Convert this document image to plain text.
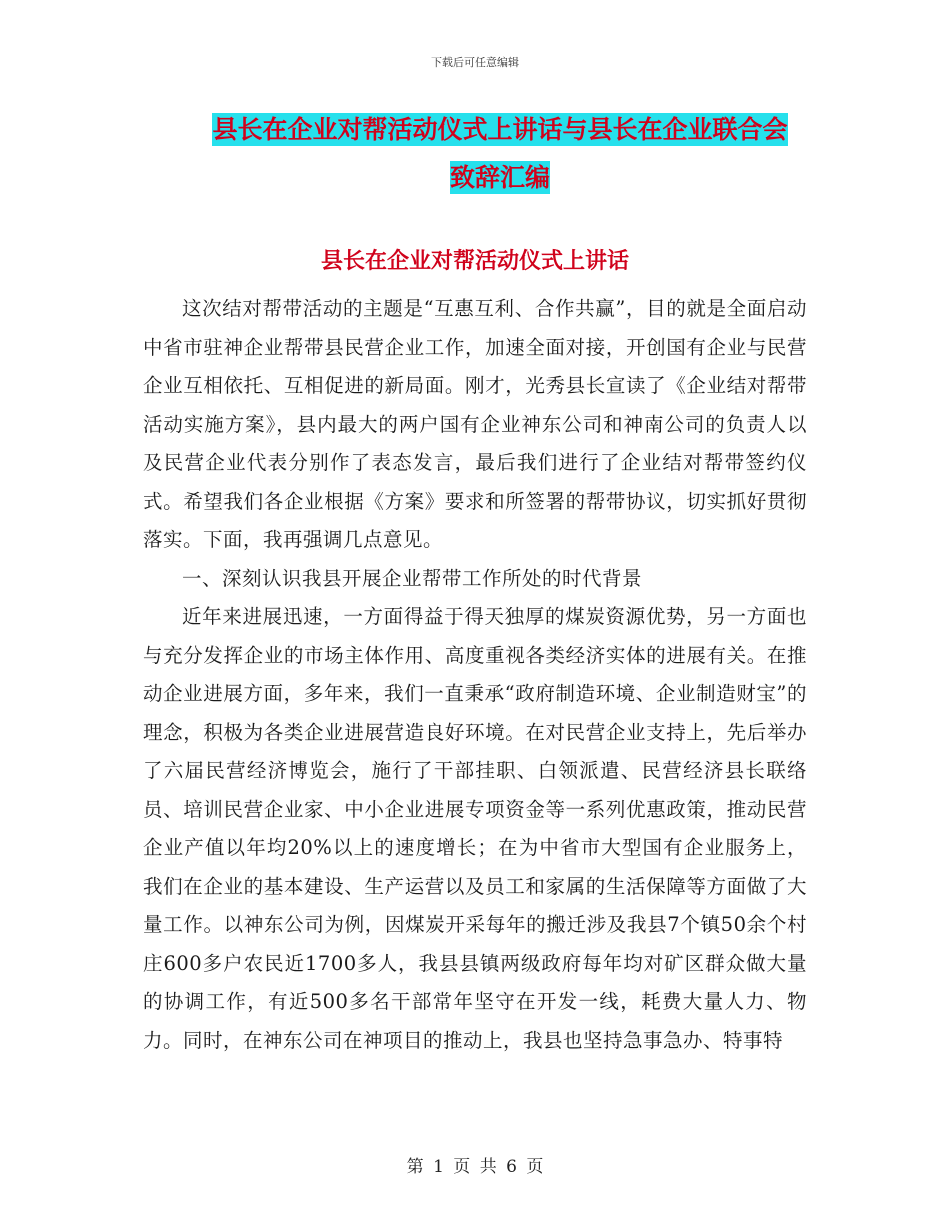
下载后可任意编辑
县长在企业对帮活动仪式上讲话与县长在企业联合会
致辞汇编
县长在企业对帮活动仪式上讲话

这次结对帮带活动的主题是“互惠互利、合作共赢”，目的就是全面启动中省市驻神企业帮带县民营企业工作，加速全面对接，开创国有企业与民营企业互相依托、互相促进的新局面。刚才，光秀县长宣读了《企业结对帮带活动实施方案》，县内最大的两户国有企业神东公司和神南公司的负责人以及民营企业代表分别作了表态发言，最后我们进行了企业结对帮带签约仪式。希望我们各企业根据《方案》要求和所签署的帮带协议，切实抓好贯彻落实。下面，我再强调几点意见。

一、深刻认识我县开展企业帮带工作所处的时代背景

近年来进展迅速，一方面得益于得天独厚的煤炭资源优势，另一方面也与充分发挥企业的市场主体作用、高度重视各类经济实体的进展有关。在推动企业进展方面，多年来，我们一直秉承“政府制造环境、企业制造财宝”的理念，积极为各类企业进展营造良好环境。在对民营企业支持上，先后举办了六届民营经济博览会，施行了干部挂职、白领派遣、民营经济县长联络员、培训民营企业家、中小企业进展专项资金等一系列优惠政策，推动民营企业产值以年均20%以上的速度增长；在为中省市大型国有企业服务上，我们在企业的基本建设、生产运营以及员工和家属的生活保障等方面做了大量工作。以神东公司为例，因煤炭开采每年的搬迁涉及我县7个镇50余个村庄600多户农民近1700多人，我县县镇两级政府每年均对矿区群众做大量的协调工作，有近500多名干部常年坚守在开发一线，耗费大量人力、物力。同时，在神东公司在神项目的推动上，我县也坚持急事急办、特事特

第 1 页 共 6 页
